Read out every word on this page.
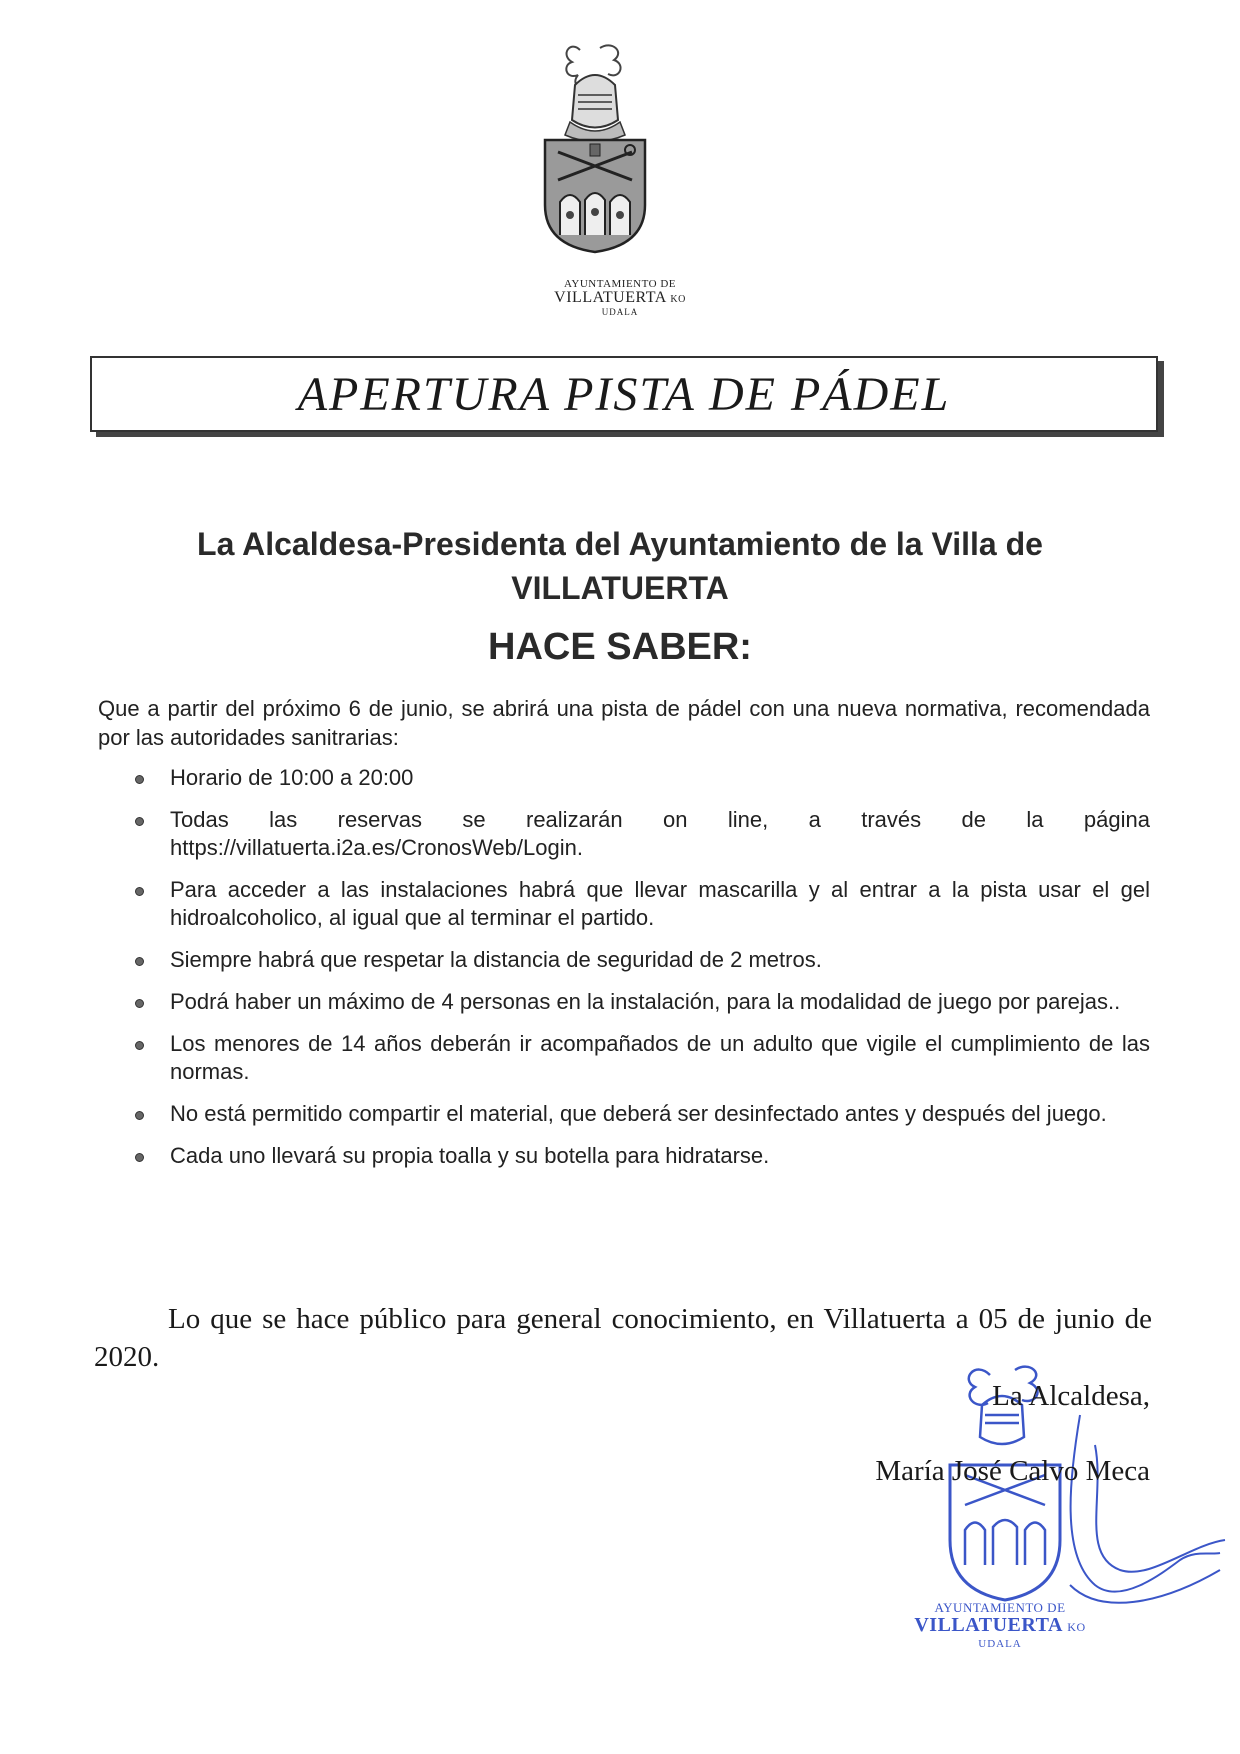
AYUNTAMIENTO DE
VILLATUERTA KO
UDALA
APERTURA PISTA DE PÁDEL
La Alcaldesa-Presidenta del Ayuntamiento de la Villa de
VILLATUERTA
HACE SABER:
Que a partir del próximo 6 de junio, se abrirá una pista de pádel con una nueva normativa, recomendada por las autoridades sanitrarias:
Horario de 10:00 a 20:00
Todas las reservas se realizarán on line, a través de la página https://villatuerta.i2a.es/CronosWeb/Login.
Para acceder a las instalaciones habrá que llevar mascarilla y al entrar a la pista usar el gel hidroalcoholico, al igual que al terminar el partido.
Siempre habrá que respetar la distancia de seguridad de 2 metros.
Podrá haber un máximo de 4 personas en la instalación, para la modalidad de juego por parejas..
Los menores de 14 años deberán ir acompañados de un adulto que vigile el cumplimiento de las normas.
No está permitido compartir el material, que deberá ser desinfectado antes y después del juego.
Cada uno llevará su propia toalla y su botella para hidratarse.
Lo que se hace público para general conocimiento, en Villatuerta a 05 de junio de 2020.
La Alcaldesa,
María José Calvo Meca
AYUNTAMIENTO DE
VILLATUERTA KO
UDALA
